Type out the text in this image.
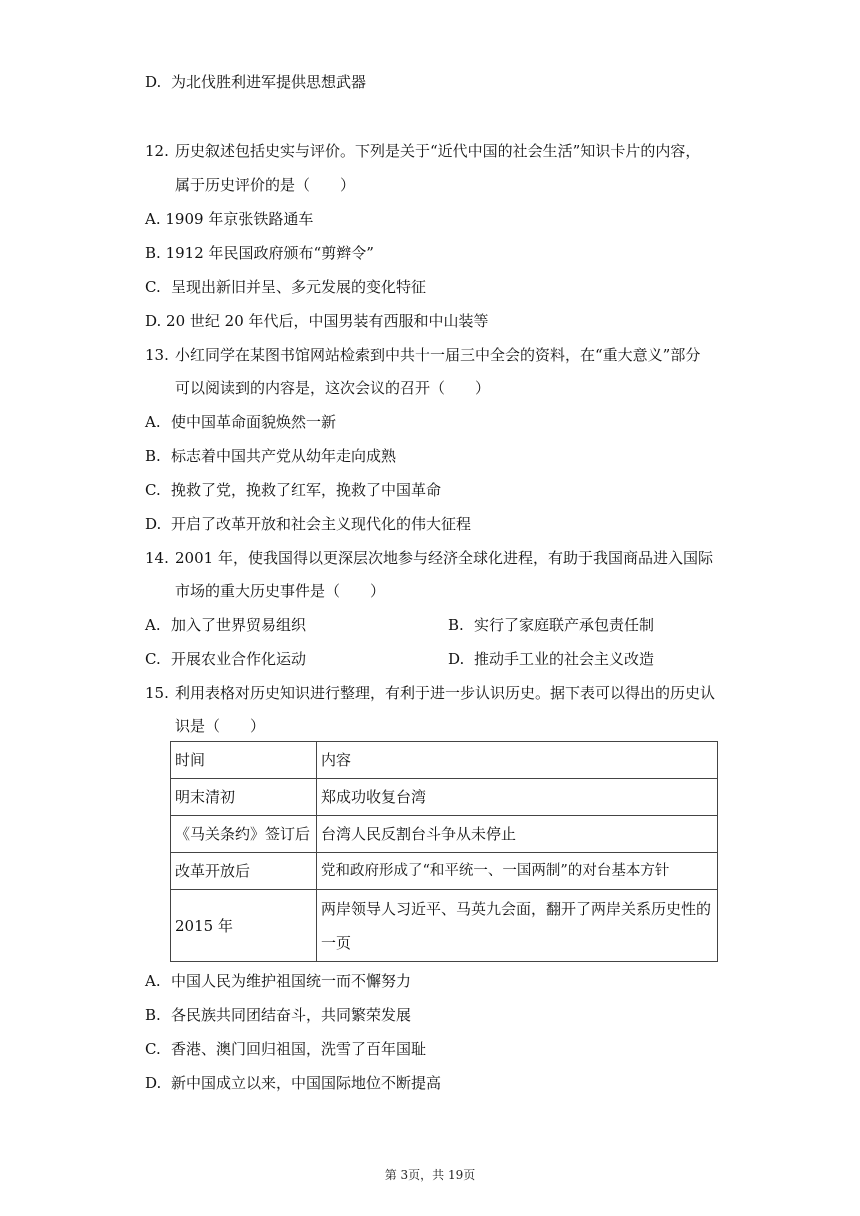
D. 为北伐胜利进军提供思想武器
12. 历史叙述包括史实与评价。下列是关于“近代中国的社会生活”知识卡片的内容，
属于历史评价的是（　　）
A. 1909 年京张铁路通车
B. 1912 年民国政府颁布“剪辫令”
C. 呈现出新旧并呈、多元发展的变化特征
D. 20 世纪 20 年代后，中国男装有西服和中山装等
13. 小红同学在某图书馆网站检索到中共十一届三中全会的资料，在“重大意义”部分
可以阅读到的内容是，这次会议的召开（　　）
A. 使中国革命面貌焕然一新
B. 标志着中国共产党从幼年走向成熟
C. 挽救了党，挽救了红军，挽救了中国革命
D. 开启了改革开放和社会主义现代化的伟大征程
14. 2001 年，使我国得以更深层次地参与经济全球化进程，有助于我国商品进入国际
市场的重大历史事件是（　　）
A. 加入了世界贸易组织	B. 实行了家庭联产承包责任制
C. 开展农业合作化运动	D. 推动手工业的社会主义改造
15. 利用表格对历史知识进行整理，有利于进一步认识历史。据下表可以得出的历史认
识是（　　）
时间	内容
明末清初	郑成功收复台湾
《马关条约》签订后	台湾人民反割台斗争从未停止
改革开放后	党和政府形成了“和平统一、一国两制”的对台基本方针
2015 年	两岸领导人习近平、马英九会面，翻开了两岸关系历史性的一页
A. 中国人民为维护祖国统一而不懈努力
B. 各民族共同团结奋斗，共同繁荣发展
C. 香港、澳门回归祖国，洗雪了百年国耻
D. 新中国成立以来，中国国际地位不断提高
第 3页，共 19页
